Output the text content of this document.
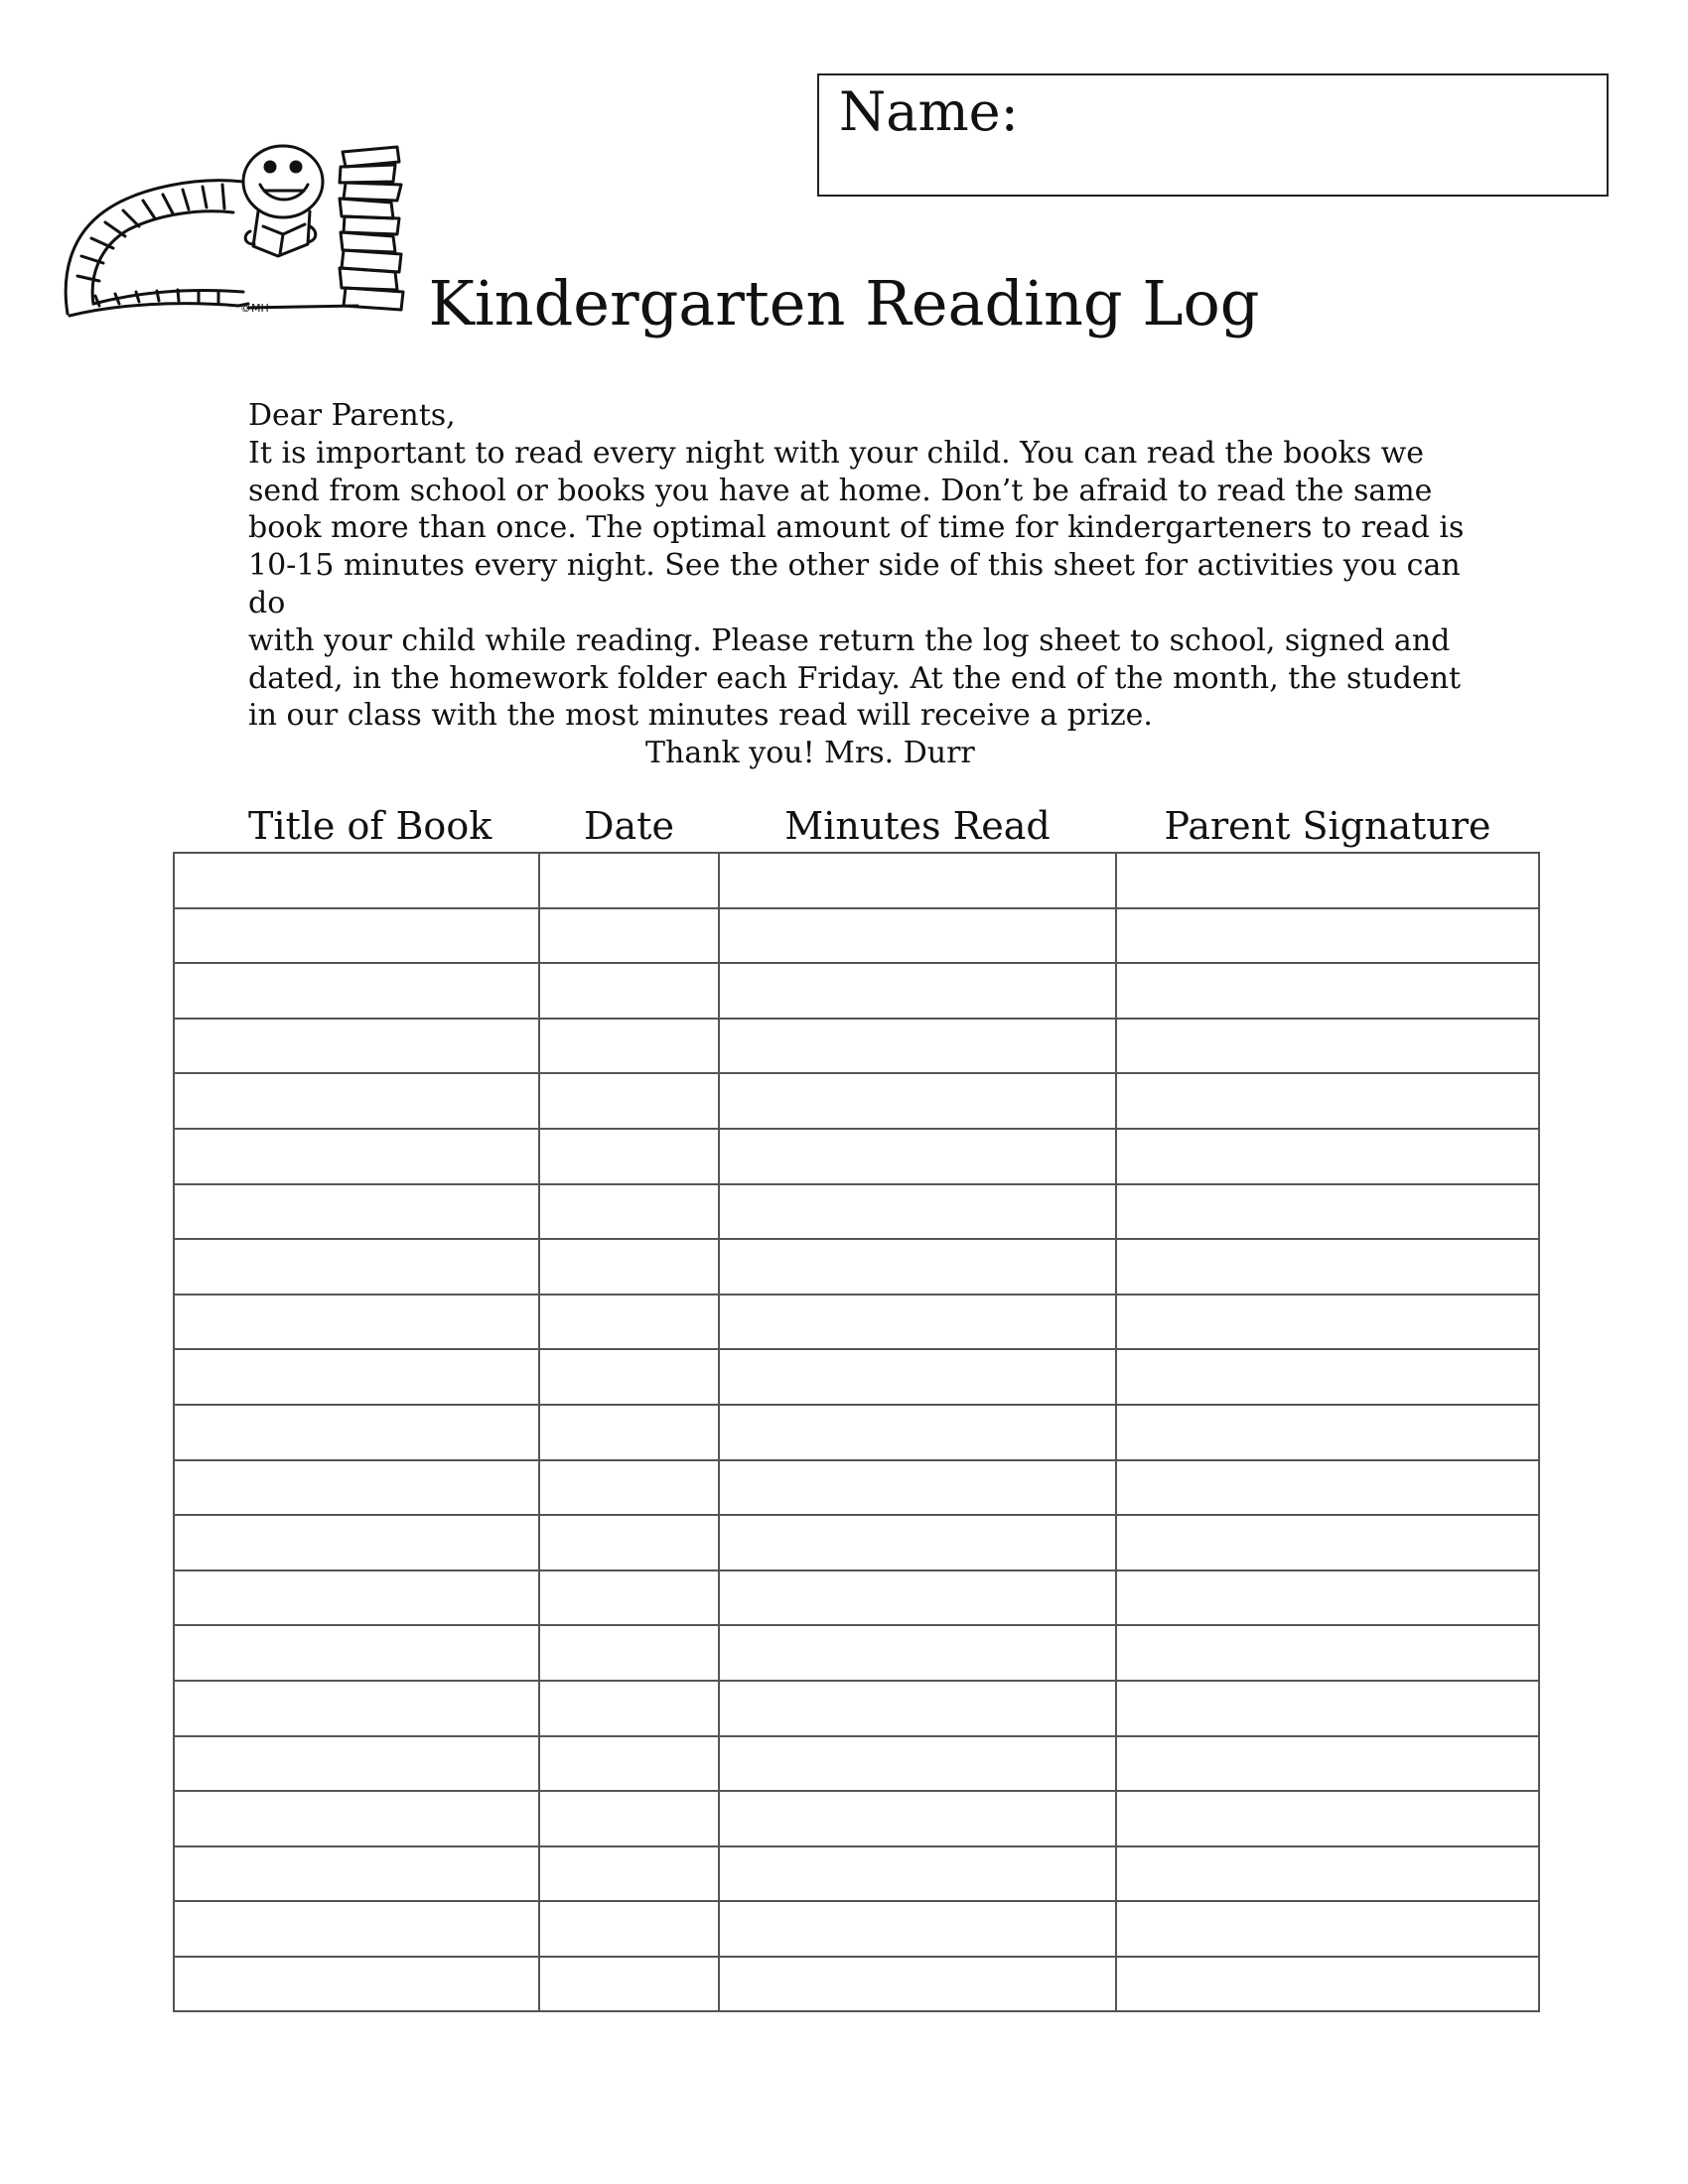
Name:
©MH	Kindergarten Reading Log

Dear Parents,

It is important to read every night with your child. You can read the books we

send from school or books you have at home. Don’t be afraid to read the same

book more than once. The optimal amount of time for kindergarteners to read is

10-15 minutes every night. See the other side of this sheet for activities you can do

with your child while reading. Please return the log sheet to school, signed and

dated, in the homework folder each Friday. At the end of the month, the student

in our class with the most minutes read will receive a prize.

Thank you! Mrs. Durr

Title of Book	Date	Minutes Read	Parent Signature
